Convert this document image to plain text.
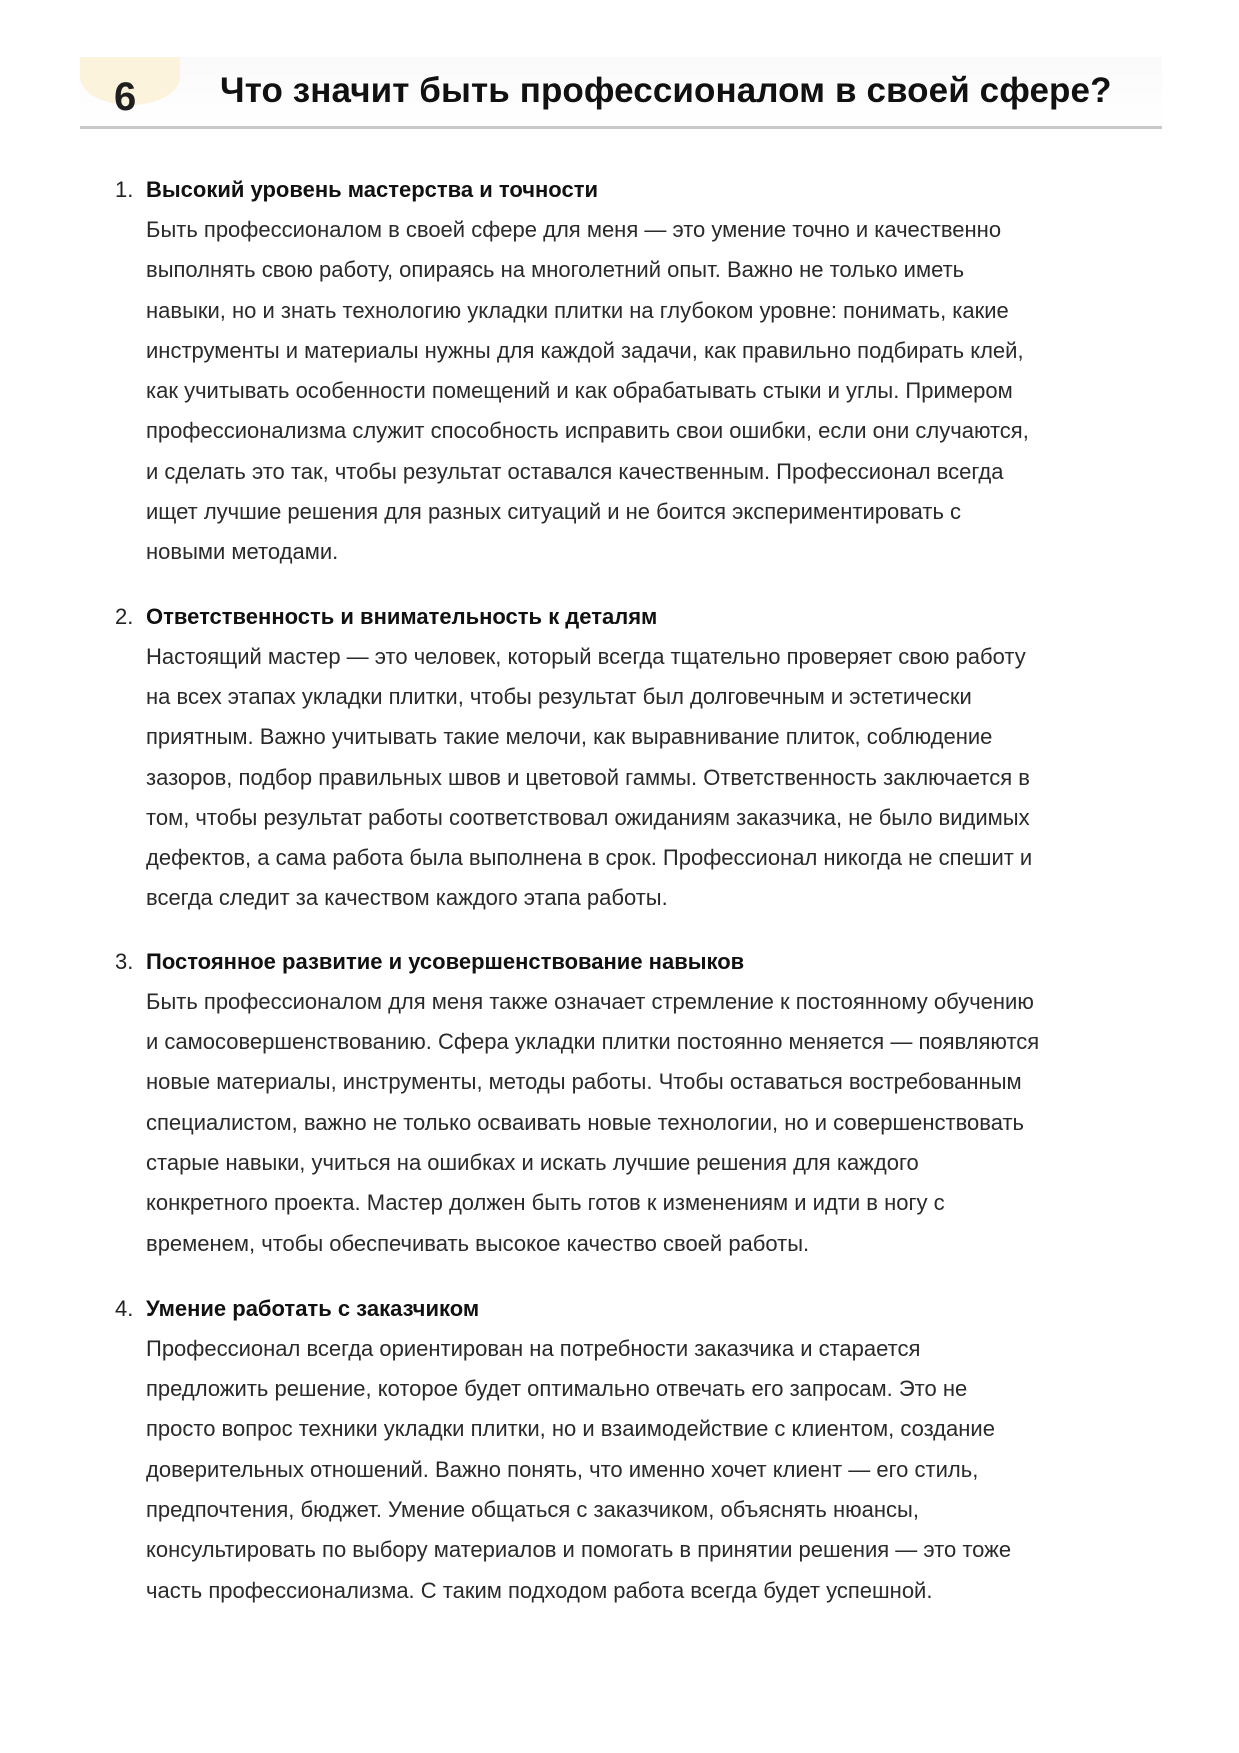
6 Что значит быть профессионалом в своей сфере?
1. Высокий уровень мастерства и точности
Быть профессионалом в своей сфере для меня — это умение точно и качественно
выполнять свою работу, опираясь на многолетний опыт. Важно не только иметь
навыки, но и знать технологию укладки плитки на глубоком уровне: понимать, какие
инструменты и материалы нужны для каждой задачи, как правильно подбирать клей,
как учитывать особенности помещений и как обрабатывать стыки и углы. Примером
профессионализма служит способность исправить свои ошибки, если они случаются,
и сделать это так, чтобы результат оставался качественным. Профессионал всегда
ищет лучшие решения для разных ситуаций и не боится экспериментировать с
новыми методами.
2. Ответственность и внимательность к деталям
Настоящий мастер — это человек, который всегда тщательно проверяет свою работу
на всех этапах укладки плитки, чтобы результат был долговечным и эстетически
приятным. Важно учитывать такие мелочи, как выравнивание плиток, соблюдение
зазоров, подбор правильных швов и цветовой гаммы. Ответственность заключается в
том, чтобы результат работы соответствовал ожиданиям заказчика, не было видимых
дефектов, а сама работа была выполнена в срок. Профессионал никогда не спешит и
всегда следит за качеством каждого этапа работы.
3. Постоянное развитие и усовершенствование навыков
Быть профессионалом для меня также означает стремление к постоянному обучению
и самосовершенствованию. Сфера укладки плитки постоянно меняется — появляются
новые материалы, инструменты, методы работы. Чтобы оставаться востребованным
специалистом, важно не только осваивать новые технологии, но и совершенствовать
старые навыки, учиться на ошибках и искать лучшие решения для каждого
конкретного проекта. Мастер должен быть готов к изменениям и идти в ногу с
временем, чтобы обеспечивать высокое качество своей работы.
4. Умение работать с заказчиком
Профессионал всегда ориентирован на потребности заказчика и старается
предложить решение, которое будет оптимально отвечать его запросам. Это не
просто вопрос техники укладки плитки, но и взаимодействие с клиентом, создание
доверительных отношений. Важно понять, что именно хочет клиент — его стиль,
предпочтения, бюджет. Умение общаться с заказчиком, объяснять нюансы,
консультировать по выбору материалов и помогать в принятии решения — это тоже
часть профессионализма. С таким подходом работа всегда будет успешной.
